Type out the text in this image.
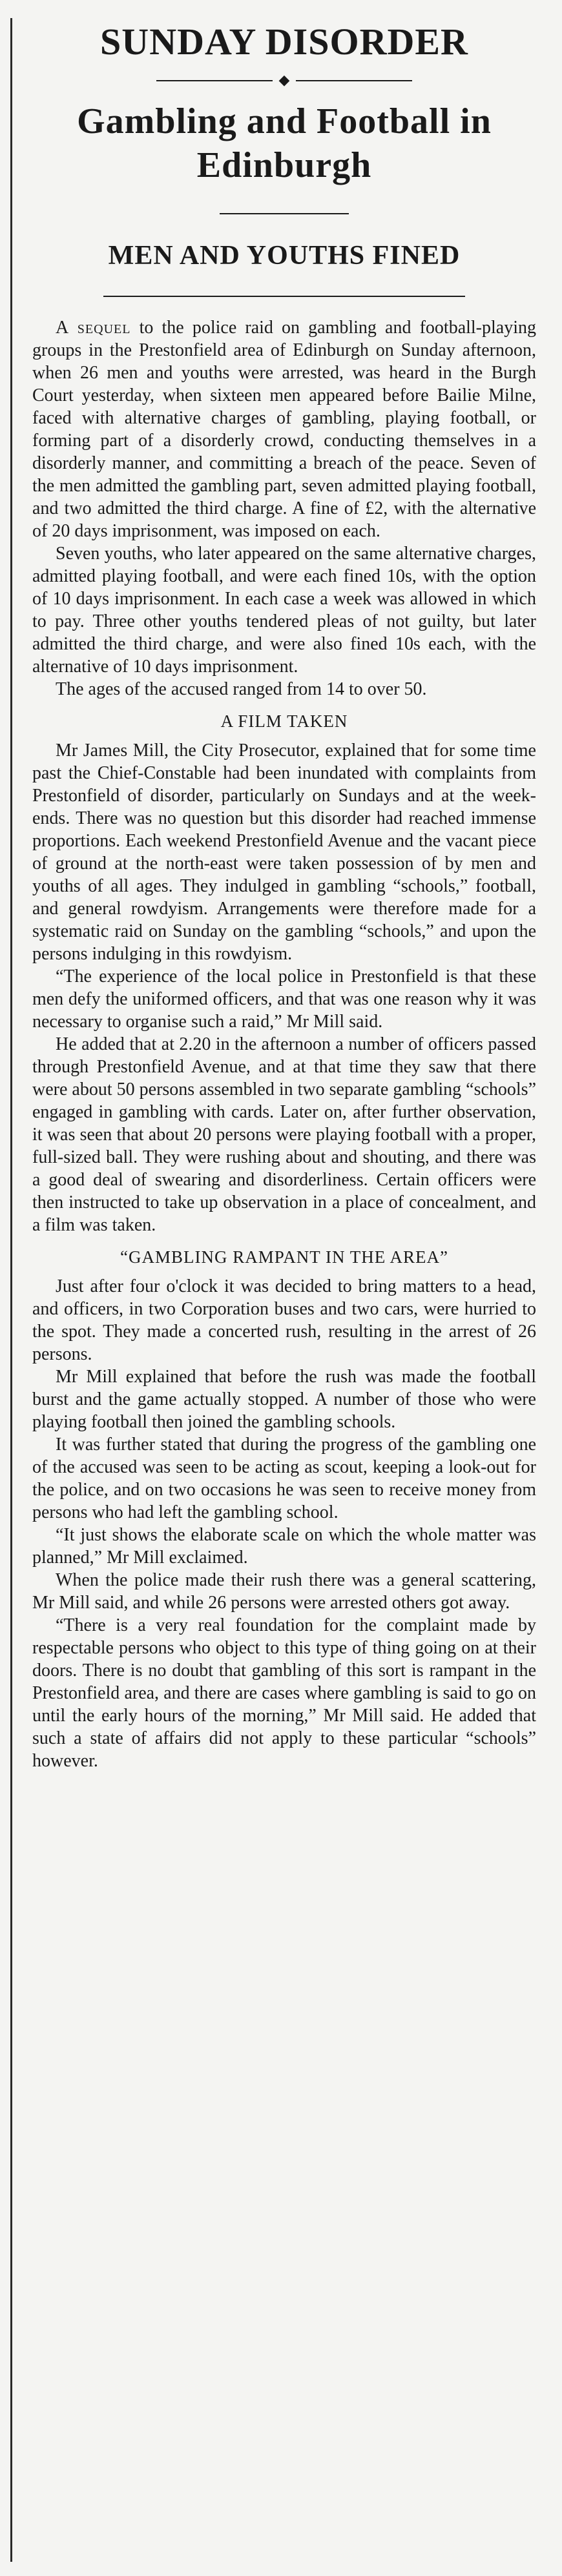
SUNDAY DISORDER
◆
Gambling and Football in Edinburgh
MEN AND YOUTHS FINED

A sequel to the police raid on gambling and football-playing groups in the Prestonfield area of Edinburgh on Sunday afternoon, when 26 men and youths were arrested, was heard in the Burgh Court yesterday, when sixteen men appeared before Bailie Milne, faced with alternative charges of gambling, playing football, or forming part of a disorderly crowd, conducting themselves in a disorderly manner, and committing a breach of the peace. Seven of the men admitted the gambling part, seven admitted playing football, and two admitted the third charge. A fine of £2, with the alternative of 20 days imprisonment, was imposed on each.

Seven youths, who later appeared on the same alternative charges, admitted playing football, and were each fined 10s, with the option of 10 days imprisonment. In each case a week was allowed in which to pay. Three other youths tendered pleas of not guilty, but later admitted the third charge, and were also fined 10s each, with the alternative of 10 days imprisonment.

The ages of the accused ranged from 14 to over 50.

A FILM TAKEN

Mr James Mill, the City Prosecutor, explained that for some time past the Chief-Constable had been inundated with complaints from Prestonfield of disorder, particularly on Sundays and at the week-ends. There was no question but this disorder had reached immense proportions. Each weekend Prestonfield Avenue and the vacant piece of ground at the north-east were taken possession of by men and youths of all ages. They indulged in gambling “schools,” football, and general rowdyism. Arrangements were therefore made for a systematic raid on Sunday on the gambling “schools,” and upon the persons indulging in this rowdyism.

“The experience of the local police in Prestonfield is that these men defy the uniformed officers, and that was one reason why it was necessary to organise such a raid,” Mr Mill said.

He added that at 2.20 in the afternoon a number of officers passed through Prestonfield Avenue, and at that time they saw that there were about 50 persons assembled in two separate gambling “schools” engaged in gambling with cards. Later on, after further observation, it was seen that about 20 persons were playing football with a proper, full-sized ball. They were rushing about and shouting, and there was a good deal of swearing and disorderliness. Certain officers were then instructed to take up observation in a place of concealment, and a film was taken.

“GAMBLING RAMPANT IN THE AREA”

Just after four o'clock it was decided to bring matters to a head, and officers, in two Corporation buses and two cars, were hurried to the spot. They made a concerted rush, resulting in the arrest of 26 persons.

Mr Mill explained that before the rush was made the football burst and the game actually stopped. A number of those who were playing football then joined the gambling schools.

It was further stated that during the progress of the gambling one of the accused was seen to be acting as scout, keeping a look-out for the police, and on two occasions he was seen to receive money from persons who had left the gambling school.

“It just shows the elaborate scale on which the whole matter was planned,” Mr Mill exclaimed.

When the police made their rush there was a general scattering, Mr Mill said, and while 26 persons were arrested others got away.

“There is a very real foundation for the complaint made by respectable persons who object to this type of thing going on at their doors. There is no doubt that gambling of this sort is rampant in the Prestonfield area, and there are cases where gambling is said to go on until the early hours of the morning,” Mr Mill said. He added that such a state of affairs did not apply to these particular “schools” however.
